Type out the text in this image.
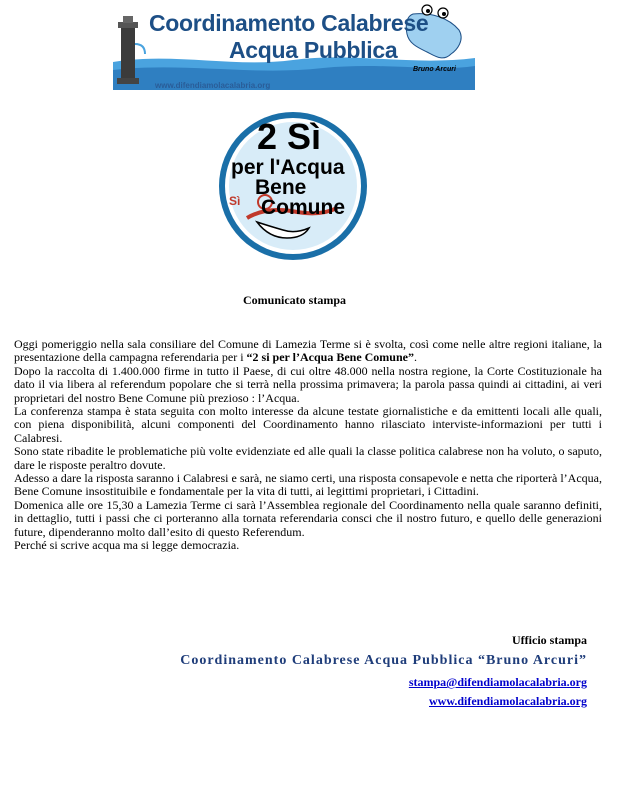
Coordinamento Calabrese
Acqua Pubblica
Bruno Arcuri
www.difendiamolacalabria.org
2 Sì
per l'Acqua
Bene
Comune
Sì
Comunicato stampa

Oggi pomeriggio nella sala consiliare del Comune di Lamezia Terme si è svolta, così come nelle altre regioni italiane, la presentazione della campagna referendaria per i “2 si per l’Acqua Bene Comune”.

Dopo la raccolta di 1.400.000 firme in tutto il Paese, di cui oltre 48.000 nella nostra regione, la Corte Costituzionale ha dato il via libera al referendum popolare che si terrà nella prossima primavera; la parola passa quindi ai cittadini, ai veri proprietari del nostro Bene Comune più prezioso : l’Acqua.

La conferenza stampa è stata seguita con molto interesse da alcune testate giornalistiche e da emittenti locali alle quali, con piena disponibilità, alcuni componenti del Coordinamento hanno rilasciato interviste-informazioni per tutti i Calabresi.

Sono state ribadite le problematiche più volte evidenziate ed alle quali la classe politica calabrese non ha voluto, o saputo, dare le risposte peraltro dovute.

Adesso a dare la risposta saranno i Calabresi e sarà, ne siamo certi, una risposta consapevole e netta che riporterà l’Acqua, Bene Comune insostituibile e fondamentale per la vita di tutti, ai legittimi proprietari, i Cittadini.

Domenica alle ore 15,30 a Lamezia Terme ci sarà l’Assemblea regionale del Coordinamento nella quale saranno definiti, in dettaglio, tutti i passi che ci porteranno alla tornata referendaria consci che il nostro futuro, e quello delle generazioni future, dipenderanno molto dall’esito di questo Referendum.

Perché si scrive acqua ma si legge democrazia.

Ufficio stampa
Coordinamento Calabrese Acqua Pubblica “Bruno Arcuri”
stampa@difendiamolacalabria.org
www.difendiamolacalabria.org
